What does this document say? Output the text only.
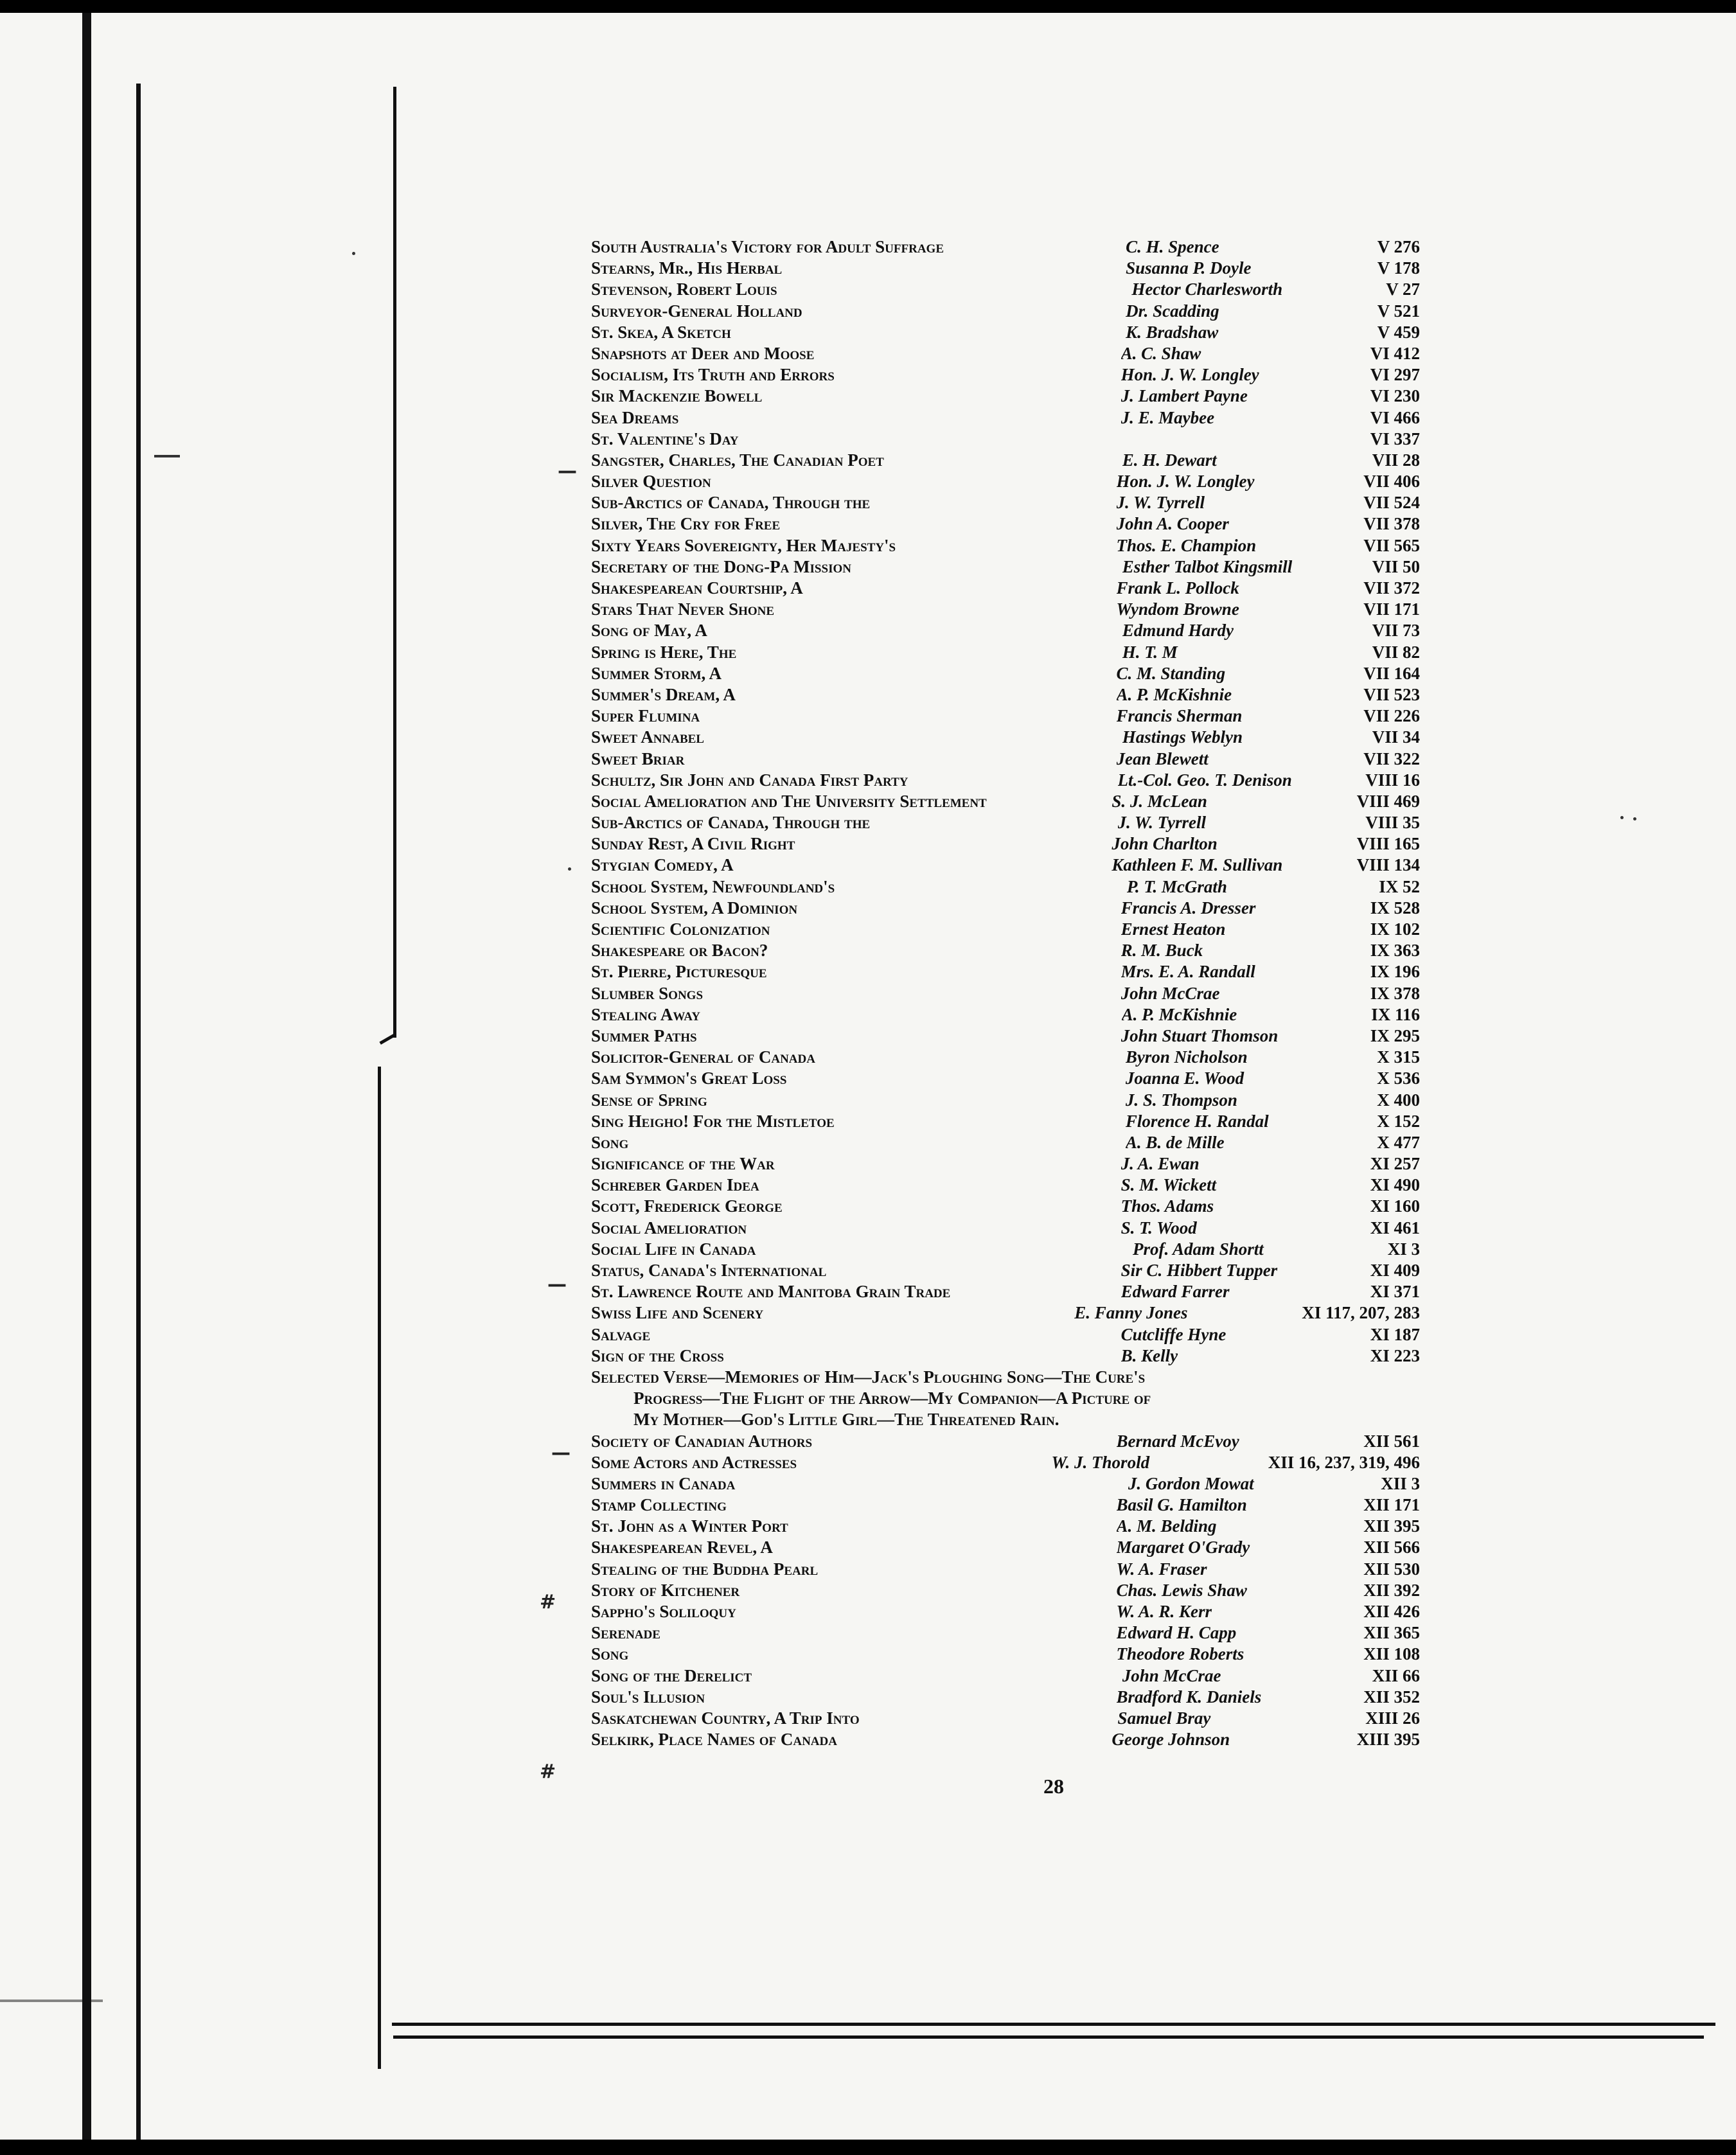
—
—
—
#
#
South Australia's Victory for Adult Suffrage	C. H. Spence	V 276
Stearns, Mr., His Herbal	Susanna P. Doyle	V 178
Stevenson, Robert Louis	Hector Charlesworth	V 27
Surveyor-General Holland	Dr. Scadding	V 521
St. Skea, A Sketch	K. Bradshaw	V 459
Snapshots at Deer and Moose	A. C. Shaw	VI 412
Socialism, Its Truth and Errors	Hon. J. W. Longley	VI 297
Sir Mackenzie Bowell	J. Lambert Payne	VI 230
Sea Dreams	J. E. Maybee	VI 466
St. Valentine's Day	VI 337
Sangster, Charles, The Canadian Poet	E. H. Dewart	VII 28
Silver Question	Hon. J. W. Longley	VII 406
Sub-Arctics of Canada, Through the	J. W. Tyrrell	VII 524
Silver, The Cry for Free	John A. Cooper	VII 378
Sixty Years Sovereignty, Her Majesty's	Thos. E. Champion	VII 565
Secretary of the Dong-Pa Mission	Esther Talbot Kingsmill	VII 50
Shakespearean Courtship, A	Frank L. Pollock	VII 372
Stars That Never Shone	Wyndom Browne	VII 171
Song of May, A	Edmund Hardy	VII 73
Spring is Here, The	H. T. M	VII 82
Summer Storm, A	C. M. Standing	VII 164
Summer's Dream, A	A. P. McKishnie	VII 523
Super Flumina	Francis Sherman	VII 226
Sweet Annabel	Hastings Weblyn	VII 34
Sweet Briar	Jean Blewett	VII 322
Schultz, Sir John and Canada First Party	Lt.-Col. Geo. T. Denison	VIII 16
Social Amelioration and The University Settlement	S. J. McLean	VIII 469
Sub-Arctics of Canada, Through the	J. W. Tyrrell	VIII 35
Sunday Rest, A Civil Right	John Charlton	VIII 165
Stygian Comedy, A	Kathleen F. M. Sullivan	VIII 134
School System, Newfoundland's	P. T. McGrath	IX 52
School System, A Dominion	Francis A. Dresser	IX 528
Scientific Colonization	Ernest Heaton	IX 102
Shakespeare or Bacon?	R. M. Buck	IX 363
St. Pierre, Picturesque	Mrs. E. A. Randall	IX 196
Slumber Songs	John McCrae	IX 378
Stealing Away	A. P. McKishnie	IX 116
Summer Paths	John Stuart Thomson	IX 295
Solicitor-General of Canada	Byron Nicholson	X 315
Sam Symmon's Great Loss	Joanna E. Wood	X 536
Sense of Spring	J. S. Thompson	X 400
Sing Heigho! For the Mistletoe	Florence H. Randal	X 152
Song	A. B. de Mille	X 477
Significance of the War	J. A. Ewan	XI 257
Schreber Garden Idea	S. M. Wickett	XI 490
Scott, Frederick George	Thos. Adams	XI 160
Social Amelioration	S. T. Wood	XI 461
Social Life in Canada	Prof. Adam Shortt	XI 3
Status, Canada's International	Sir C. Hibbert Tupper	XI 409
St. Lawrence Route and Manitoba Grain Trade	Edward Farrer	XI 371
Swiss Life and Scenery	E. Fanny Jones	XI 117, 207, 283
Salvage	Cutcliffe Hyne	XI 187
Sign of the Cross	B. Kelly	XI 223
Selected Verse—Memories of Him—Jack's Ploughing Song—The Cure's
Progress—The Flight of the Arrow—My Companion—A Picture of
My Mother—God's Little Girl—The Threatened Rain.
Society of Canadian Authors	Bernard McEvoy	XII 561
Some Actors and Actresses	W. J. Thorold	XII 16, 237, 319, 496
Summers in Canada	J. Gordon Mowat	XII 3
Stamp Collecting	Basil G. Hamilton	XII 171
St. John as a Winter Port	A. M. Belding	XII 395
Shakespearean Revel, A	Margaret O'Grady	XII 566
Stealing of the Buddha Pearl	W. A. Fraser	XII 530
Story of Kitchener	Chas. Lewis Shaw	XII 392
Sappho's Soliloquy	W. A. R. Kerr	XII 426
Serenade	Edward H. Capp	XII 365
Song	Theodore Roberts	XII 108
Song of the Derelict	John McCrae	XII 66
Soul's Illusion	Bradford K. Daniels	XII 352
Saskatchewan Country, A Trip Into	Samuel Bray	XIII 26
Selkirk, Place Names of Canada	George Johnson	XIII 395
28
